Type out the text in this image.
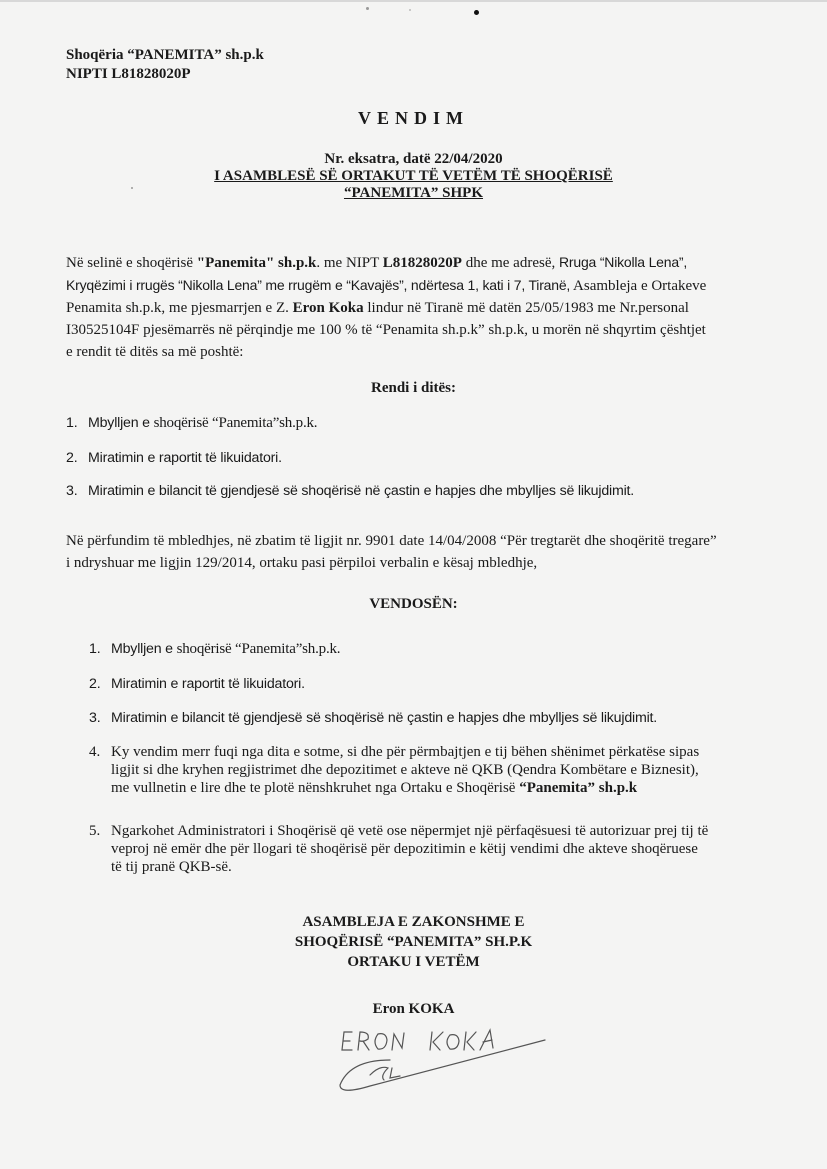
Shoqëria “PANEMITA” sh.p.k
NIPTI L81828020P
VENDIM
Nr. eksatra, datë 22/04/2020
I ASAMBLESË SË ORTAKUT TË VETËM TË SHOQËRISË
“PANEMITA” SHPK
Në selinë e shoqërisë "Panemita" sh.p.k. me NIPT L81828020P dhe me adresë, Rruga “Nikolla Lena”,
Kryqëzimi i rrugës “Nikolla Lena” me rrugëm e “Kavajës”, ndërtesa 1, kati i 7, Tiranë, Asambleja e Ortakeve
Penamita sh.p.k, me pjesmarrjen e Z. Eron Koka lindur në Tiranë më datën 25/05/1983 me Nr.personal
I30525104F pjesëmarrës në përqindje me 100 % të “Penamita sh.p.k” sh.p.k, u morën në shqyrtim çështjet
e rendit të ditës sa më poshtë:
Rendi i ditës:
1. Mbylljen e shoqërisë “Panemita”sh.p.k.
2. Miratimin e raportit të likuidatori.
3. Miratimin e bilancit të gjendjesë së shoqërisë në çastin e hapjes dhe mbylljes së likujdimit.
Në përfundim të mbledhjes, në zbatim të ligjit nr. 9901 date 14/04/2008 “Për tregtarët dhe shoqëritë tregare”
i ndryshuar me ligjin 129/2014, ortaku pasi përpiloi verbalin e kësaj mbledhje,
VENDOSËN:
1. Mbylljen e shoqërisë “Panemita”sh.p.k.
2. Miratimin e raportit të likuidatori.
3. Miratimin e bilancit të gjendjesë së shoqërisë në çastin e hapjes dhe mbylljes së likujdimit.
4. Ky vendim merr fuqi nga dita e sotme, si dhe për përmbajtjen e tij bëhen shënimet përkatëse sipas
ligjit si dhe kryhen regjistrimet dhe depozitimet e akteve në QKB (Qendra Kombëtare e Biznesit),
me vullnetin e lire dhe te plotë nënshkruhet nga Ortaku e Shoqërisë “Panemita” sh.p.k
5. Ngarkohet Administratori i Shoqërisë që vetë ose nëpermjet një përfaqësuesi të autorizuar prej tij të
veproj në emër dhe për llogari të shoqërisë për depozitimin e këtij vendimi dhe akteve shoqëruese
të tij pranë QKB-së.
ASAMBLEJA E ZAKONSHME E
SHOQËRISË “PANEMITA” SH.P.K
ORTAKU I VETËM
Eron KOKA
